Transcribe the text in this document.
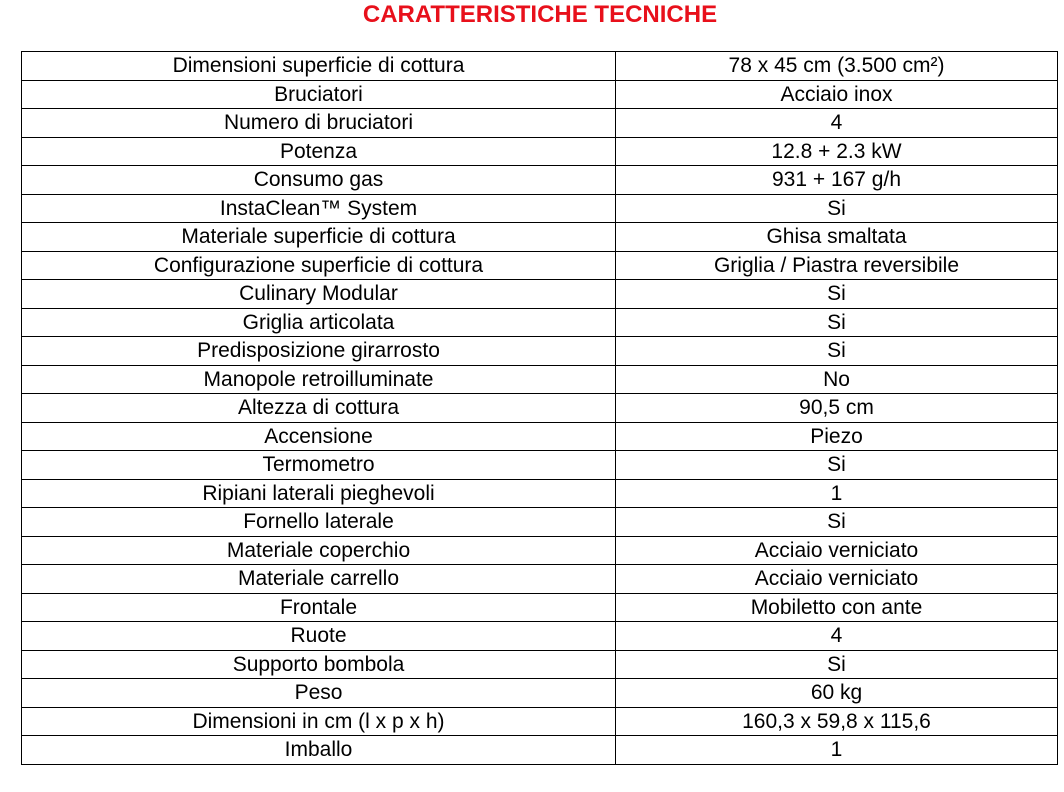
CARATTERISTICHE TECNICHE
Dimensioni superficie di cottura	78 x 45 cm (3.500 cm²)
Bruciatori	Acciaio inox
Numero di bruciatori	4
Potenza	12.8 + 2.3 kW
Consumo gas	931 + 167 g/h
InstaClean™ System	Si
Materiale superficie di cottura	Ghisa smaltata
Configurazione superficie di cottura	Griglia / Piastra reversibile
Culinary Modular	Si
Griglia articolata	Si
Predisposizione girarrosto	Si
Manopole retroilluminate	No
Altezza di cottura	90,5 cm
Accensione	Piezo
Termometro	Si
Ripiani laterali pieghevoli	1
Fornello laterale	Si
Materiale coperchio	Acciaio verniciato
Materiale carrello	Acciaio verniciato
Frontale	Mobiletto con ante
Ruote	4
Supporto bombola	Si
Peso	60 kg
Dimensioni in cm (l x p x h)	160,3 x 59,8 x 115,6
Imballo	1
